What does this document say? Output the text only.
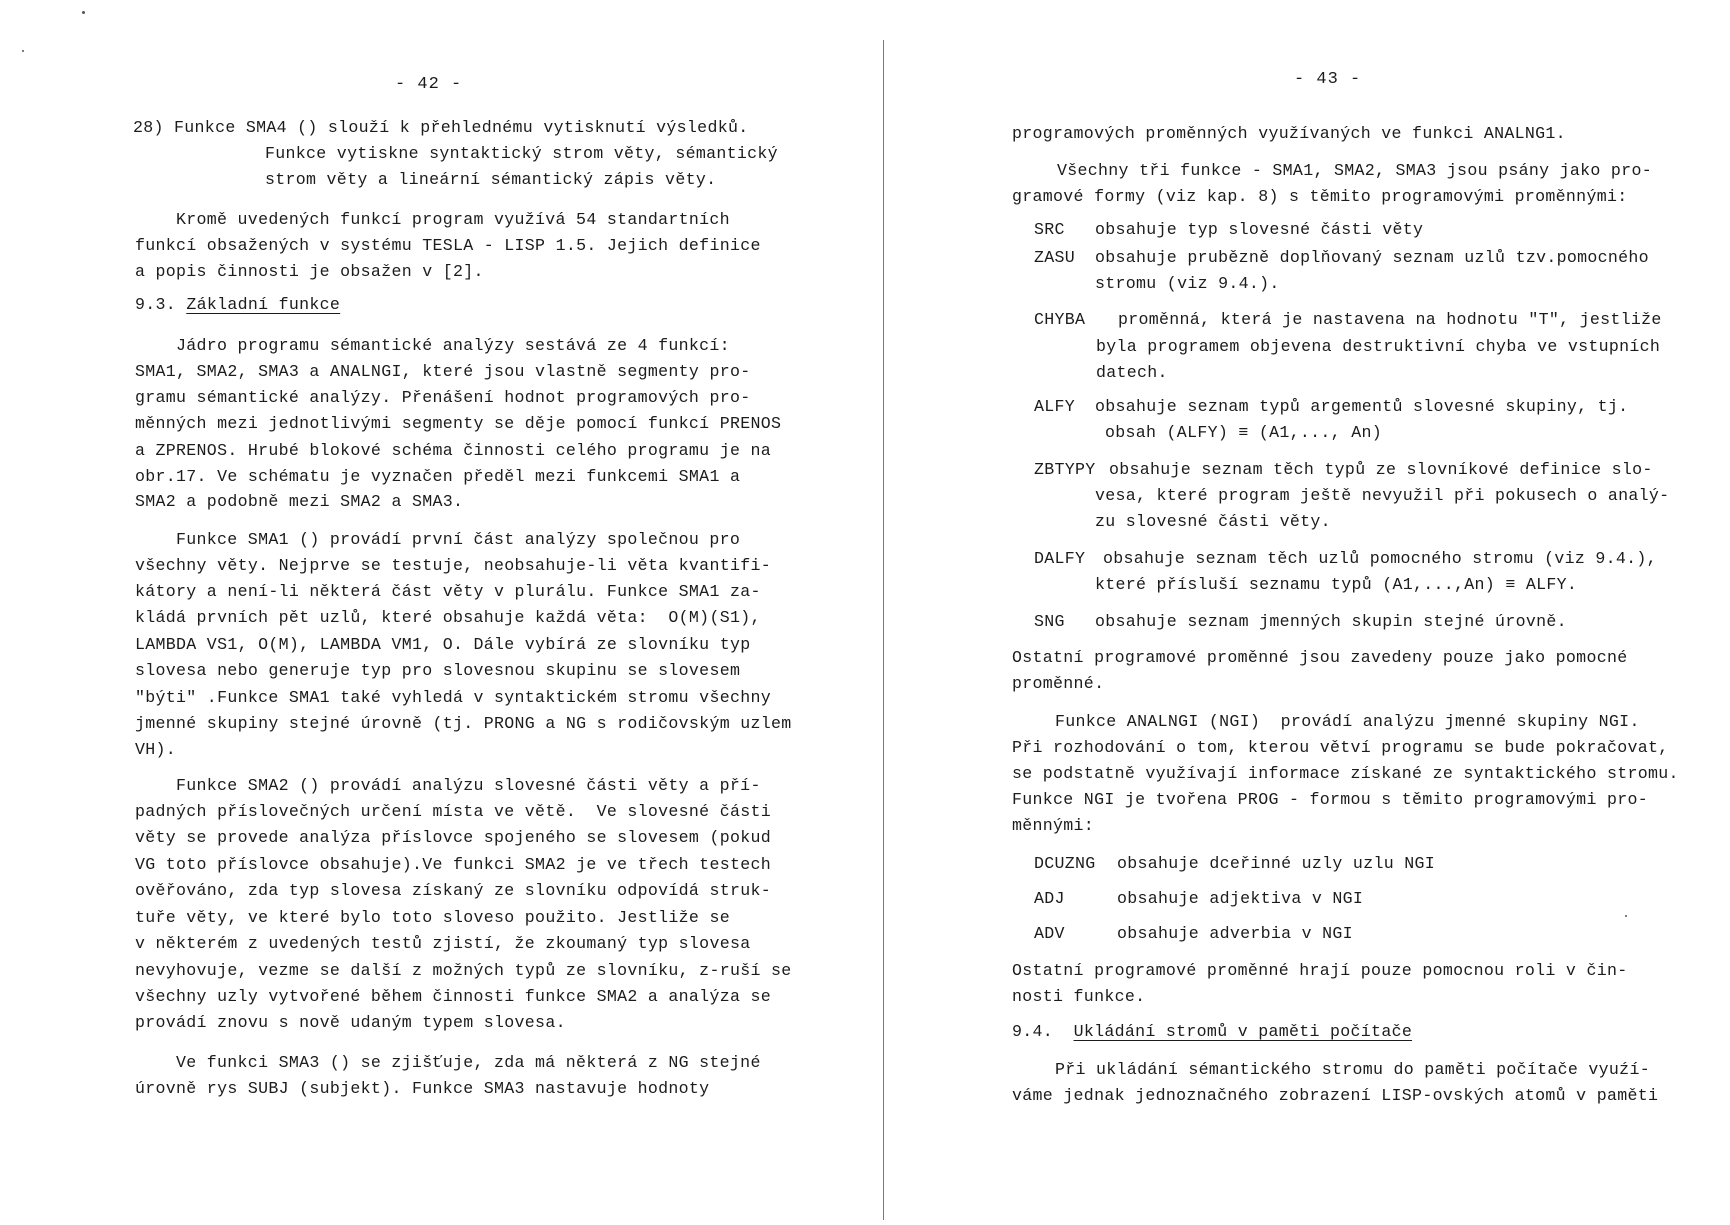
- 42 -
28) Funkce SMA4 () slouží k přehlednému vytisknutí výsledků.
Funkce vytiskne syntaktický strom věty, sémantický
strom věty a lineární sémantický zápis věty.
Kromě uvedených funkcí program využívá 54 standartních
funkcí obsažených v systému TESLA - LISP 1.5. Jejich definice
a popis činnosti je obsažen v [2].
9.3. Základní funkce
Jádro programu sémantické analýzy sestává ze 4 funkcí:
SMA1, SMA2, SMA3 a ANALNGI, které jsou vlastně segmenty pro-
gramu sémantické analýzy. Přenášení hodnot programových pro-
měnných mezi jednotlivými segmenty se děje pomocí funkcí PRENOS
a ZPRENOS. Hrubé blokové schéma činnosti celého programu je na
obr.17. Ve schématu je vyznačen předěl mezi funkcemi SMA1 a
SMA2 a podobně mezi SMA2 a SMA3.
Funkce SMA1 () provádí první část analýzy společnou pro
všechny věty. Nejprve se testuje, neobsahuje-li věta kvantifi-
kátory a není-li některá část věty v plurálu. Funkce SMA1 za-
kládá prvních pět uzlů, které obsahuje každá věta:  O(M)(S1),
LAMBDA VS1, O(M), LAMBDA VM1, O. Dále vybírá ze slovníku typ
slovesa nebo generuje typ pro slovesnou skupinu se slovesem
"býti" .Funkce SMA1 také vyhledá v syntaktickém stromu všechny
jmenné skupiny stejné úrovně (tj. PRONG a NG s rodičovským uzlem
VH).
Funkce SMA2 () provádí analýzu slovesné části věty a pří-
padných příslovečných určení místa ve větě.  Ve slovesné části
věty se provede analýza příslovce spojeného se slovesem (pokud
VG toto příslovce obsahuje).Ve funkci SMA2 je ve třech testech
ověřováno, zda typ slovesa získaný ze slovníku odpovídá struk-
tuře věty, ve které bylo toto sloveso použito. Jestliže se
v některém z uvedených testů zjistí, že zkoumaný typ slovesa
nevyhovuje, vezme se další z možných typů ze slovníku, z-ruší se
všechny uzly vytvořené během činnosti funkce SMA2 a analýza se
provádí znovu s nově udaným typem slovesa.
Ve funkci SMA3 () se zjišťuje, zda má některá z NG stejné
úrovně rys SUBJ (subjekt). Funkce SMA3 nastavuje hodnoty
- 43 -
programových proměnných využívaných ve funkci ANALNG1.
Všechny tři funkce - SMA1, SMA2, SMA3 jsou psány jako pro-
gramové formy (viz kap. 8) s těmito programovými proměnnými:
SRC obsahuje typ slovesné části věty
ZASU obsahuje prubězně doplňovaný seznam uzlů tzv.pomocného
stromu (viz 9.4.).
CHYBA proměnná, která je nastavena na hodnotu "T", jestliže
byla programem objevena destruktivní chyba ve vstupních
datech.
ALFY obsahuje seznam typů argementů slovesné skupiny, tj.
obsah (ALFY) ≡ (A1,..., An)
ZBTYPY obsahuje seznam těch typů ze slovníkové definice slo-
vesa, které program ještě nevyužil při pokusech o analý-
zu slovesné části věty.
DALFY obsahuje seznam těch uzlů pomocného stromu (viz 9.4.),
které přísluší seznamu typů (A1,...,An) ≡ ALFY.
SNG obsahuje seznam jmenných skupin stejné úrovně.
Ostatní programové proměnné jsou zavedeny pouze jako pomocné
proměnné.
Funkce ANALNGI (NGI)  provádí analýzu jmenné skupiny NGI.
Při rozhodování o tom, kterou větví programu se bude pokračovat,
se podstatně využívají informace získané ze syntaktického stromu.
Funkce NGI je tvořena PROG - formou s těmito programovými pro-
měnnými:
DCUZNG obsahuje dceřinné uzly uzlu NGI
ADJ	obsahuje adjektiva v NGI
ADV	obsahuje adverbia v NGI
Ostatní programové proměnné hrají pouze pomocnou roli v čin-
nosti funkce.
9.4. Ukládání stromů v paměti počítače
Při ukládání sémantického stromu do paměti počítače vyuźí-
váme jednak jednoznačného zobrazení LISP-ovských atomů v paměti
